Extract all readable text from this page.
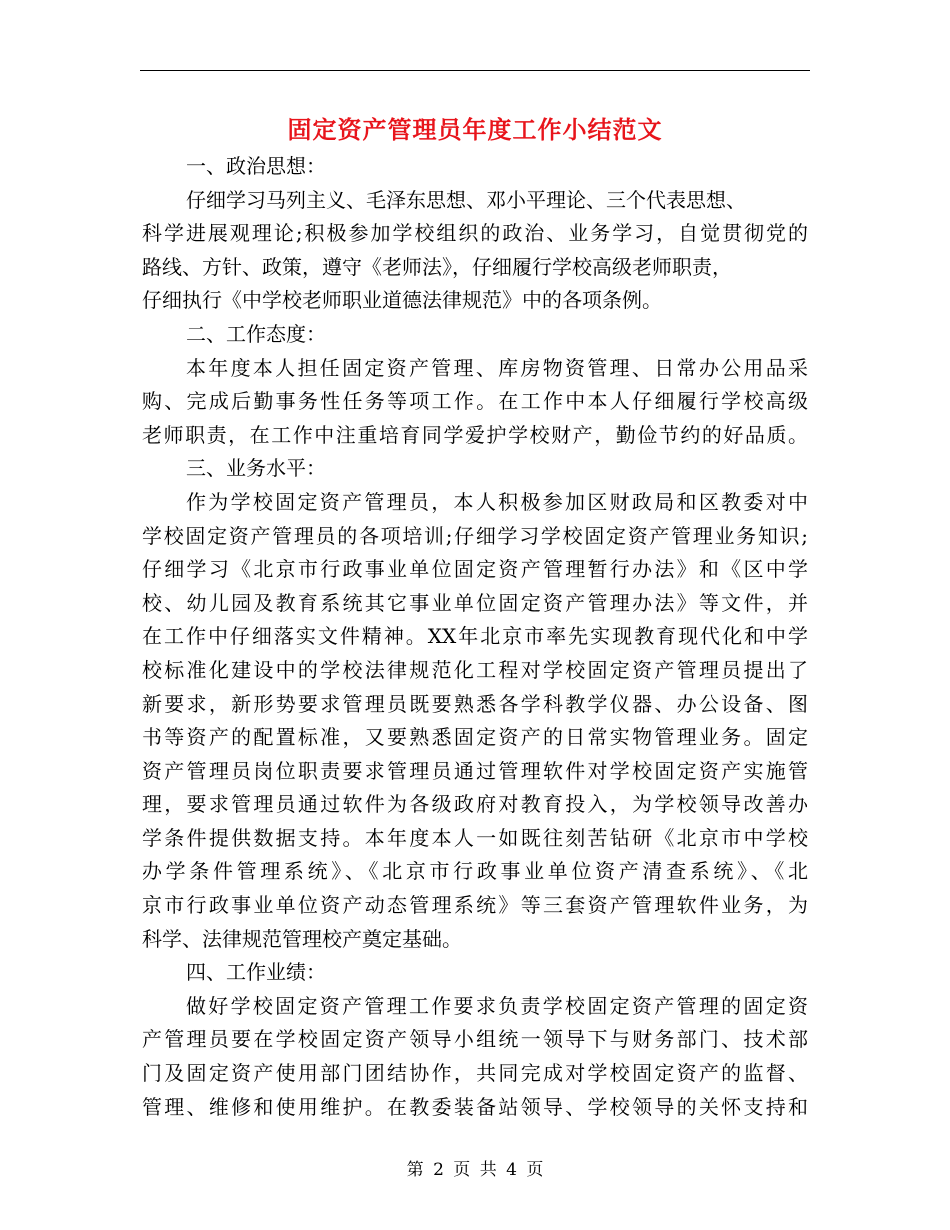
固定资产管理员年度工作小结范文
一、政治思想：
仔细学习马列主义、毛泽东思想、邓小平理论、三个代表思想、
科学进展观理论;积极参加学校组织的政治、业务学习，自觉贯彻党的
路线、方针、政策，遵守《老师法》，仔细履行学校高级老师职责，
仔细执行《中学校老师职业道德法律规范》中的各项条例。
二、工作态度：
本年度本人担任固定资产管理、库房物资管理、日常办公用品采
购、完成后勤事务性任务等项工作。在工作中本人仔细履行学校高级
老师职责，在工作中注重培育同学爱护学校财产，勤俭节约的好品质。
三、业务水平：
作为学校固定资产管理员，本人积极参加区财政局和区教委对中
学校固定资产管理员的各项培训;仔细学习学校固定资产管理业务知识;
仔细学习《北京市行政事业单位固定资产管理暂行办法》和《区中学
校、幼儿园及教育系统其它事业单位固定资产管理办法》等文件，并
在工作中仔细落实文件精神。XX年北京市率先实现教育现代化和中学
校标准化建设中的学校法律规范化工程对学校固定资产管理员提出了
新要求，新形势要求管理员既要熟悉各学科教学仪器、办公设备、图
书等资产的配置标准，又要熟悉固定资产的日常实物管理业务。固定
资产管理员岗位职责要求管理员通过管理软件对学校固定资产实施管
理，要求管理员通过软件为各级政府对教育投入，为学校领导改善办
学条件提供数据支持。本年度本人一如既往刻苦钻研《北京市中学校
办学条件管理系统》、《北京市行政事业单位资产清查系统》、《北
京市行政事业单位资产动态管理系统》等三套资产管理软件业务，为
科学、法律规范管理校产奠定基础。
四、工作业绩：
做好学校固定资产管理工作要求负责学校固定资产管理的固定资
产管理员要在学校固定资产领导小组统一领导下与财务部门、技术部
门及固定资产使用部门团结协作，共同完成对学校固定资产的监督、
管理、维修和使用维护。在教委装备站领导、学校领导的关怀支持和
第 2 页 共 4 页
